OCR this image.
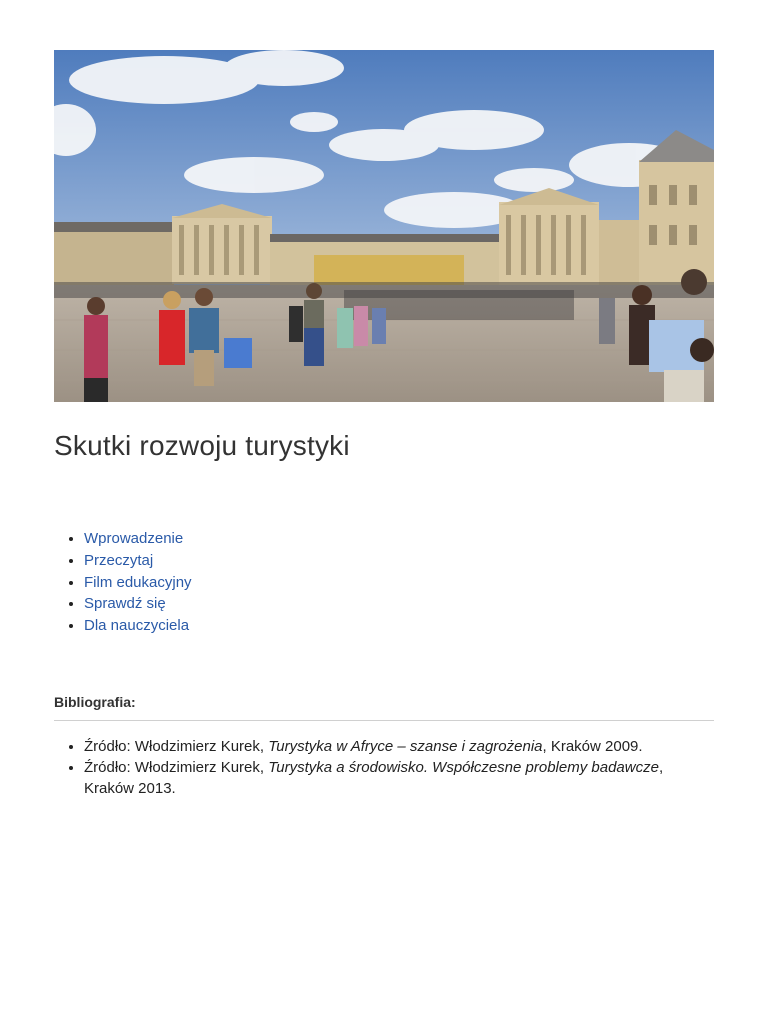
Skutki rozwoju turystyki
• Wprowadzenie
• Przeczytaj
• Film edukacyjny
• Sprawdź się
• Dla nauczyciela
Bibliografia:
• Źródło: Włodzimierz Kurek, Turystyka w Afryce – szanse i zagrożenia, Kraków 2009.
• Źródło: Włodzimierz Kurek, Turystyka a środowisko. Współczesne problemy badawcze, Kraków 2013.
